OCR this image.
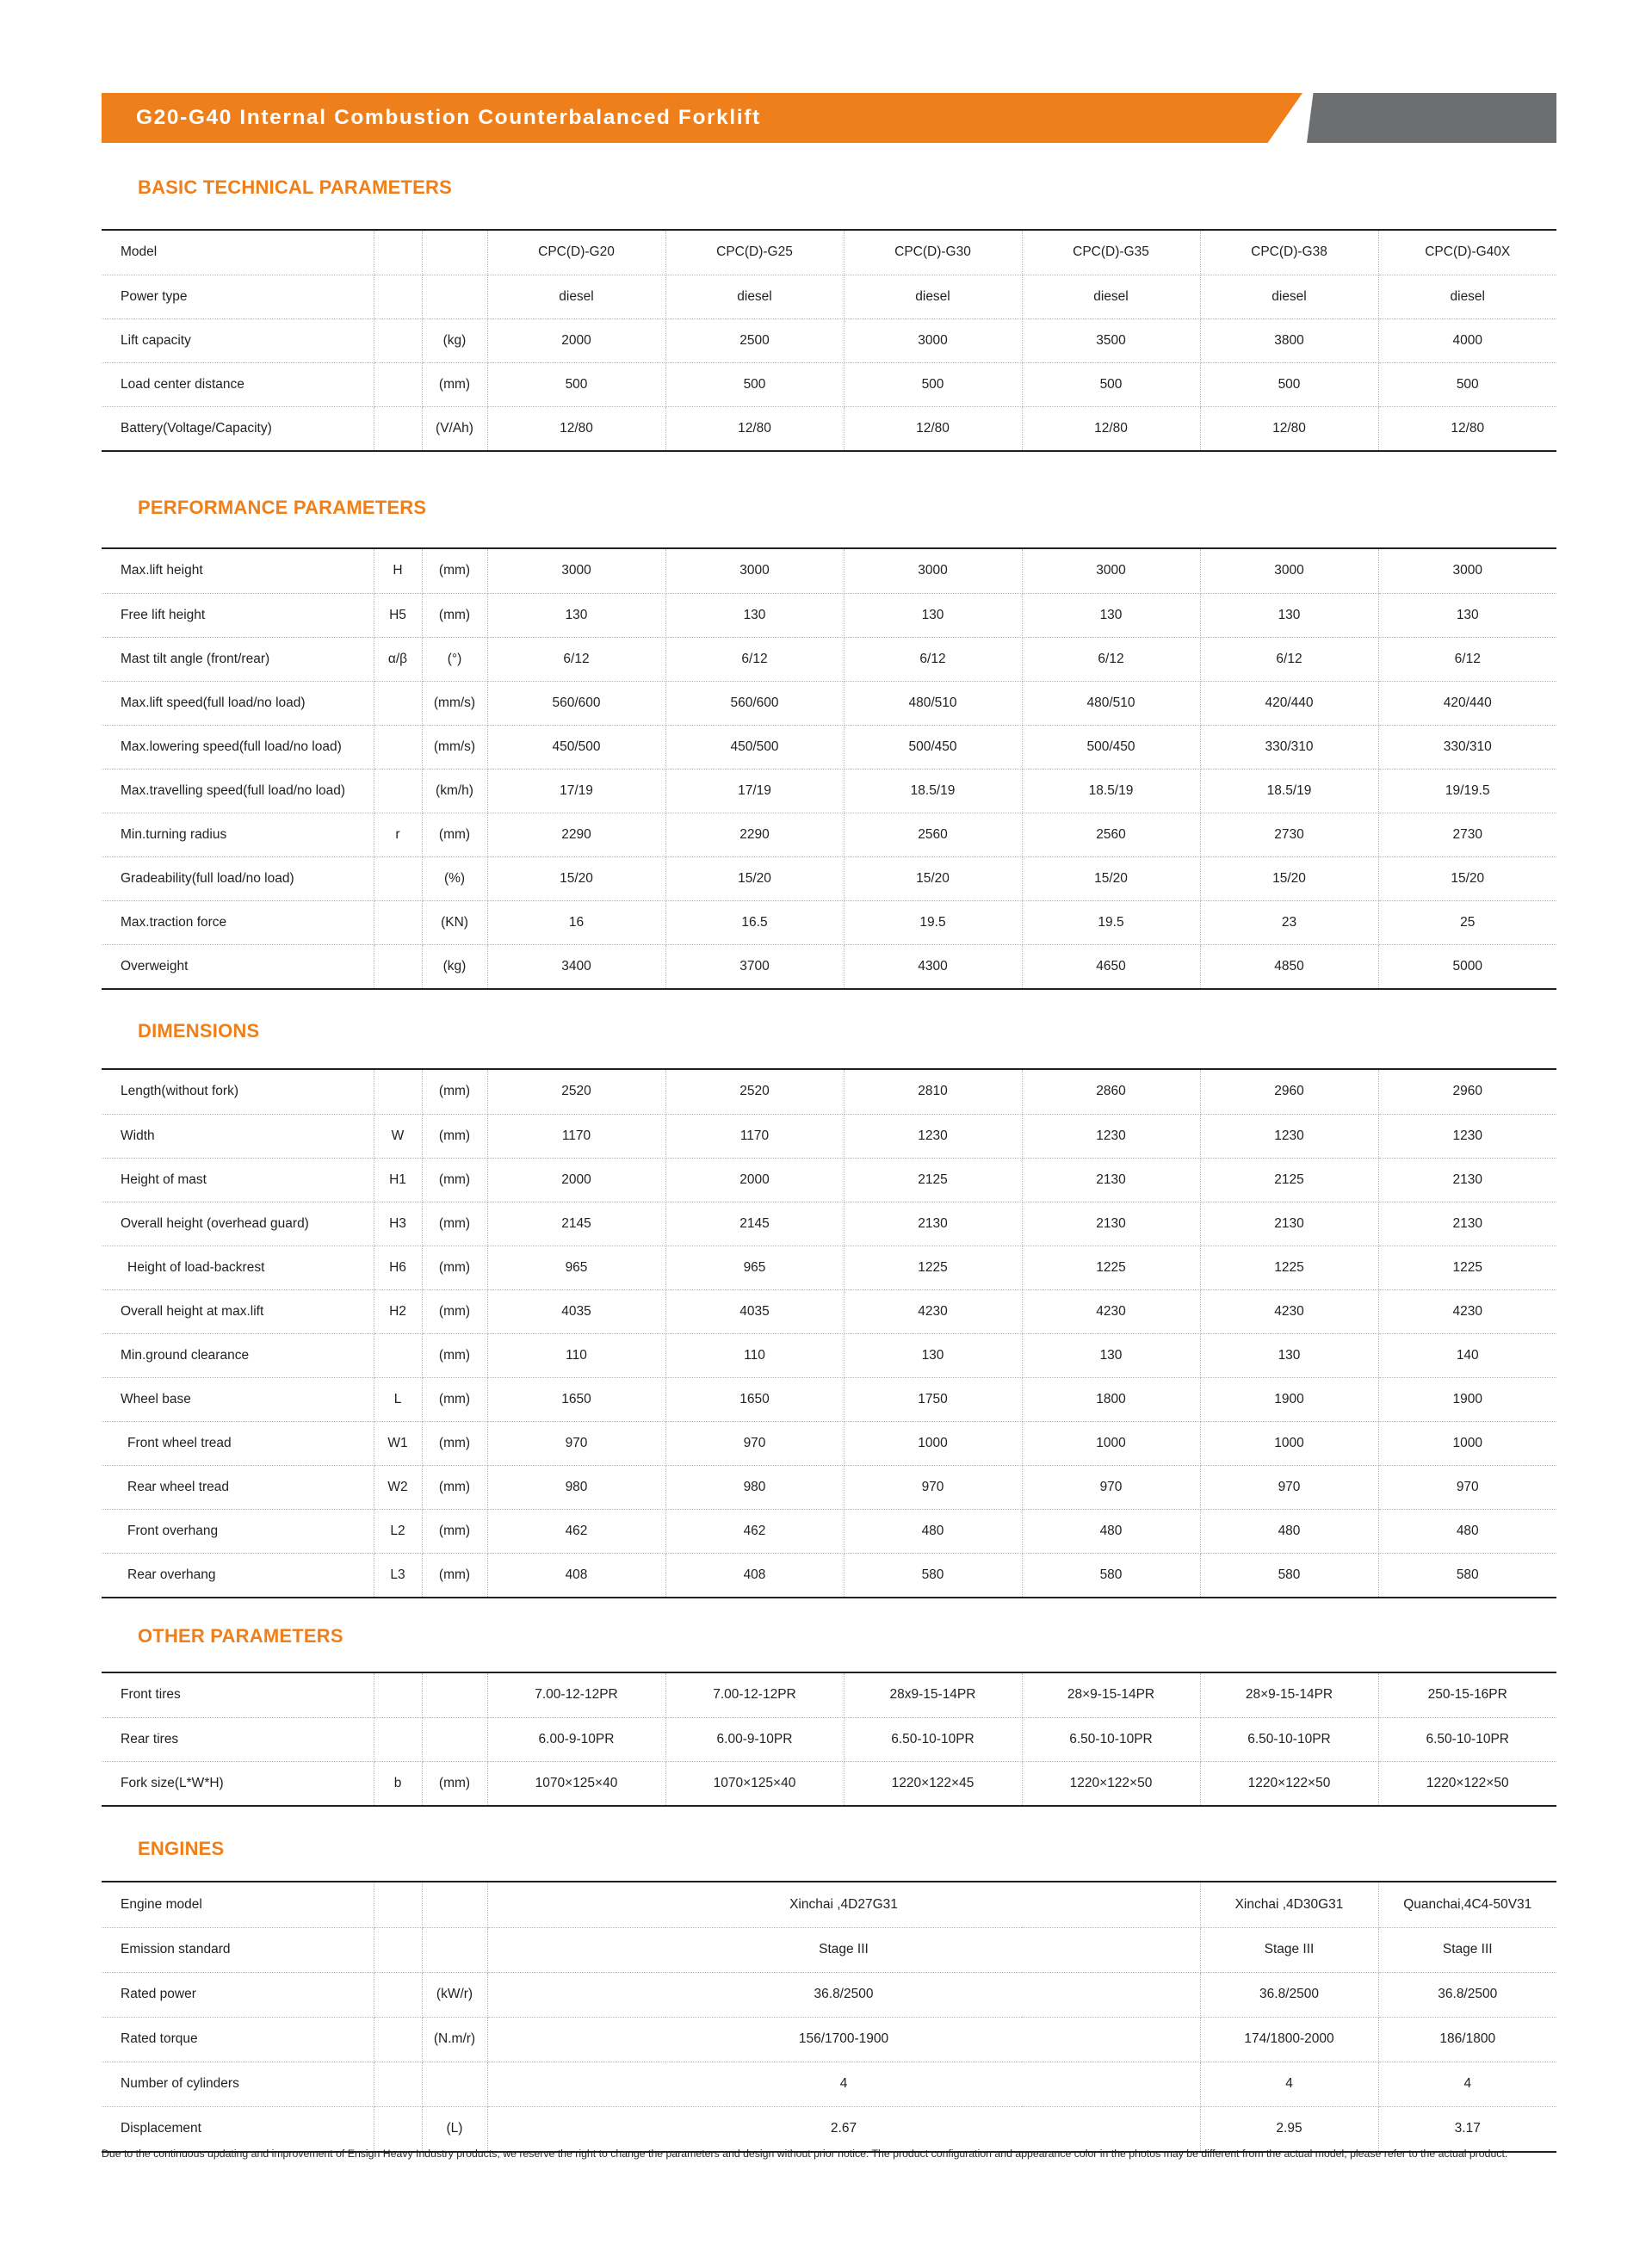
G20-G40 Internal Combustion Counterbalanced Forklift
BASIC TECHNICAL PARAMETERS
Model			CPC(D)-G20	CPC(D)-G25	CPC(D)-G30	CPC(D)-G35	CPC(D)-G38	CPC(D)-G40X
Power type			diesel	diesel	diesel	diesel	diesel	diesel
Lift capacity		(kg)	2000	2500	3000	3500	3800	4000
Load center distance		(mm)	500	500	500	500	500	500
Battery(Voltage/Capacity)		(V/Ah)	12/80	12/80	12/80	12/80	12/80	12/80
PERFORMANCE PARAMETERS
Max.lift height	H	(mm)	3000	3000	3000	3000	3000	3000
Free lift height	H5	(mm)	130	130	130	130	130	130
Mast tilt angle (front/rear)	α/β	(°)	6/12	6/12	6/12	6/12	6/12	6/12
Max.lift speed(full load/no load)		(mm/s)	560/600	560/600	480/510	480/510	420/440	420/440
Max.lowering speed(full load/no load)		(mm/s)	450/500	450/500	500/450	500/450	330/310	330/310
Max.travelling speed(full load/no load)		(km/h)	17/19	17/19	18.5/19	18.5/19	18.5/19	19/19.5
Min.turning radius	r	(mm)	2290	2290	2560	2560	2730	2730
Gradeability(full load/no load)		(%)	15/20	15/20	15/20	15/20	15/20	15/20
Max.traction force		(KN)	16	16.5	19.5	19.5	23	25
Overweight		(kg)	3400	3700	4300	4650	4850	5000
DIMENSIONS
Length(without fork)		(mm)	2520	2520	2810	2860	2960	2960
Width	W	(mm)	1170	1170	1230	1230	1230	1230
Height of mast	H1	(mm)	2000	2000	2125	2130	2125	2130
Overall height (overhead guard)	H3	(mm)	2145	2145	2130	2130	2130	2130
Height of load-backrest	H6	(mm)	965	965	1225	1225	1225	1225
Overall height at max.lift	H2	(mm)	4035	4035	4230	4230	4230	4230
Min.ground clearance		(mm)	110	110	130	130	130	140
Wheel base	L	(mm)	1650	1650	1750	1800	1900	1900
Front wheel tread	W1	(mm)	970	970	1000	1000	1000	1000
Rear wheel tread	W2	(mm)	980	980	970	970	970	970
Front overhang	L2	(mm)	462	462	480	480	480	480
Rear overhang	L3	(mm)	408	408	580	580	580	580
OTHER PARAMETERS
Front tires			7.00-12-12PR	7.00-12-12PR	28x9-15-14PR	28×9-15-14PR	28×9-15-14PR	250-15-16PR
Rear tires			6.00-9-10PR	6.00-9-10PR	6.50-10-10PR	6.50-10-10PR	6.50-10-10PR	6.50-10-10PR
Fork size(L*W*H)	b	(mm)	1070×125×40	1070×125×40	1220×122×45	1220×122×50	1220×122×50	1220×122×50
ENGINES
Engine model			Xinchai ,4D27G31	Xinchai ,4D30G31	Quanchai,4C4-50V31
Emission standard			Stage III	Stage III	Stage III
Rated power		(kW/r)	36.8/2500	36.8/2500	36.8/2500
Rated torque		(N.m/r)	156/1700-1900	174/1800-2000	186/1800
Number of cylinders			4	4	4
Displacement		(L)	2.67	2.95	3.17
Due to the continuous updating and improvement of Ensign Heavy Industry products, we reserve the right to change the parameters and design without prior notice. The product configuration and appearance color in the photos may be different from the actual model, please refer to the actual product.
